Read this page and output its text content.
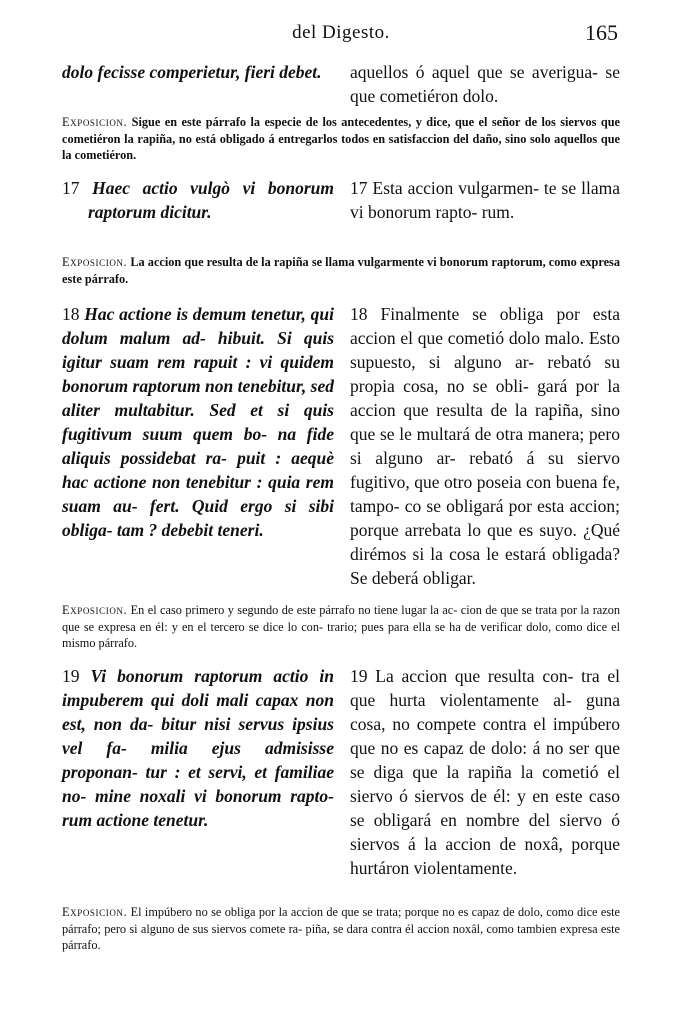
del Digesto.	165
dolo fecisse comperietur, fieri debet.	aquellos ó aquel que se averigua- se que cometiéron dolo.
Exposicion. Sigue en este párrafo la especie de los antecedentes, y dice, que el señor de los siervos que cometiéron la rapiña, no está obligado á entregarlos todos en satisfaccion del daño, sino solo aquellos que la cometiéron.
17 Haec actio vulgò vi bonorum raptorum dicitur.
17 Esta accion vulgarmen- te se llama vi bonorum rapto- rum.
Exposicion. La accion que resulta de la rapiña se llama vulgarmente vi bonorum raptorum, como expresa este párrafo.
18 Hac actione is demum tenetur, qui dolum malum ad- hibuit. Si quis igitur suam rem rapuit : vi quidem bonorum raptorum non tenebitur, sed aliter multabitur. Sed et si quis fugitivum suum quem bo- na fide aliquis possidebat ra- puit : aequè hac actione non tenebitur : quia rem suam au- fert. Quid ergo si sibi obliga- tam ? debebit teneri.
18 Finalmente se obliga por esta accion el que cometió dolo malo. Esto supuesto, si alguno ar- rebató su propia cosa, no se obli- gará por la accion que resulta de la rapiña, sino que se le multará de otra manera; pero si alguno ar- rebató á su siervo fugitivo, que otro poseia con buena fe, tampo- co se obligará por esta accion; porque arrebata lo que es suyo. ¿Qué dirémos si la cosa le estará obligada? Se deberá obligar.
Exposicion. En el caso primero y segundo de este párrafo no tiene lugar la ac- cion de que se trata por la razon que se expresa en él: y en el tercero se dice lo con- trario; pues para ella se ha de verificar dolo, como dice el mismo párrafo.
19 Vi bonorum raptorum actio in impuberem qui doli mali capax non est, non da- bitur nisi servus ipsius vel fa- milia ejus admisisse proponan- tur : et servi, et familiae no- mine noxali vi bonorum rapto- rum actione tenetur.
19 La accion que resulta con- tra el que hurta violentamente al- guna cosa, no compete contra el impúbero que no es capaz de dolo: á no ser que se diga que la rapiña la cometió el siervo ó siervos de él: y en este caso se obligará en nombre del siervo ó siervos á la accion de noxâ, porque hurtáron violentamente.
Exposicion. El impúbero no se obliga por la accion de que se trata; porque no es capaz de dolo, como dice este párrafo; pero si alguno de sus siervos comete ra- piña, se dara contra él accion noxâl, como tambien expresa este párrafo.
